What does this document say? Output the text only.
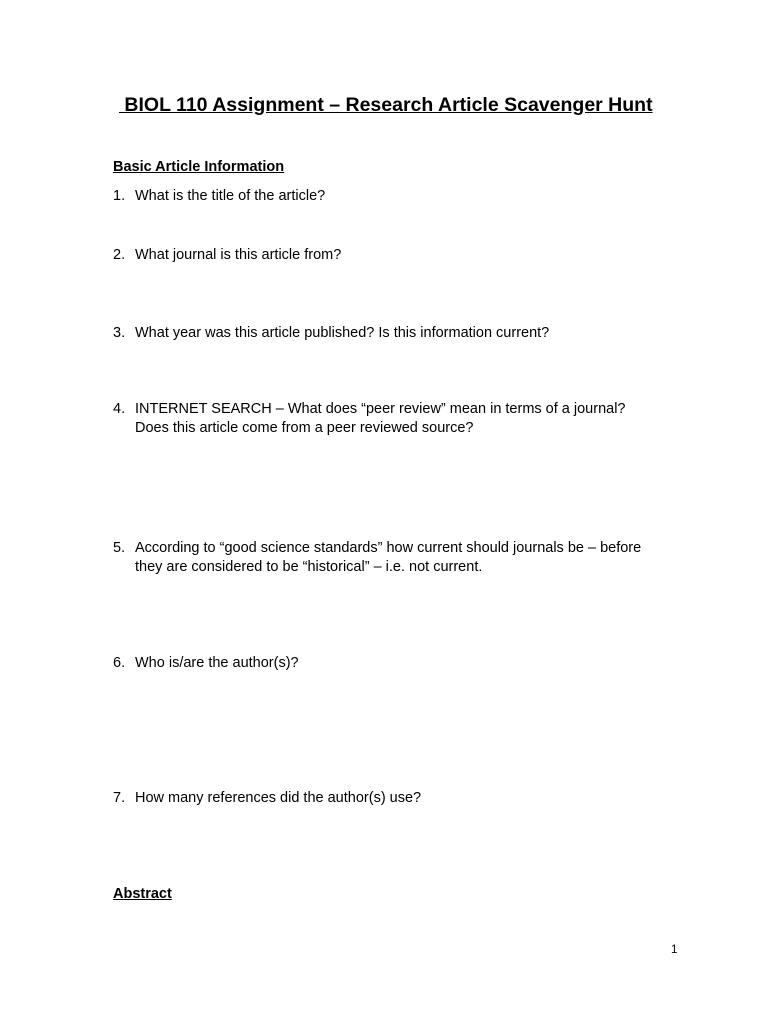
BIOL 110 Assignment – Research Article Scavenger Hunt
Basic Article Information
1. What is the title of the article?
2. What journal is this article from?
3. What year was this article published? Is this information current?
4. INTERNET SEARCH – What does “peer review” mean in terms of a journal?
Does this article come from a peer reviewed source?
5. According to “good science standards” how current should journals be – before
they are considered to be “historical” – i.e. not current.
6. Who is/are the author(s)?
7. How many references did the author(s) use?
Abstract
1
